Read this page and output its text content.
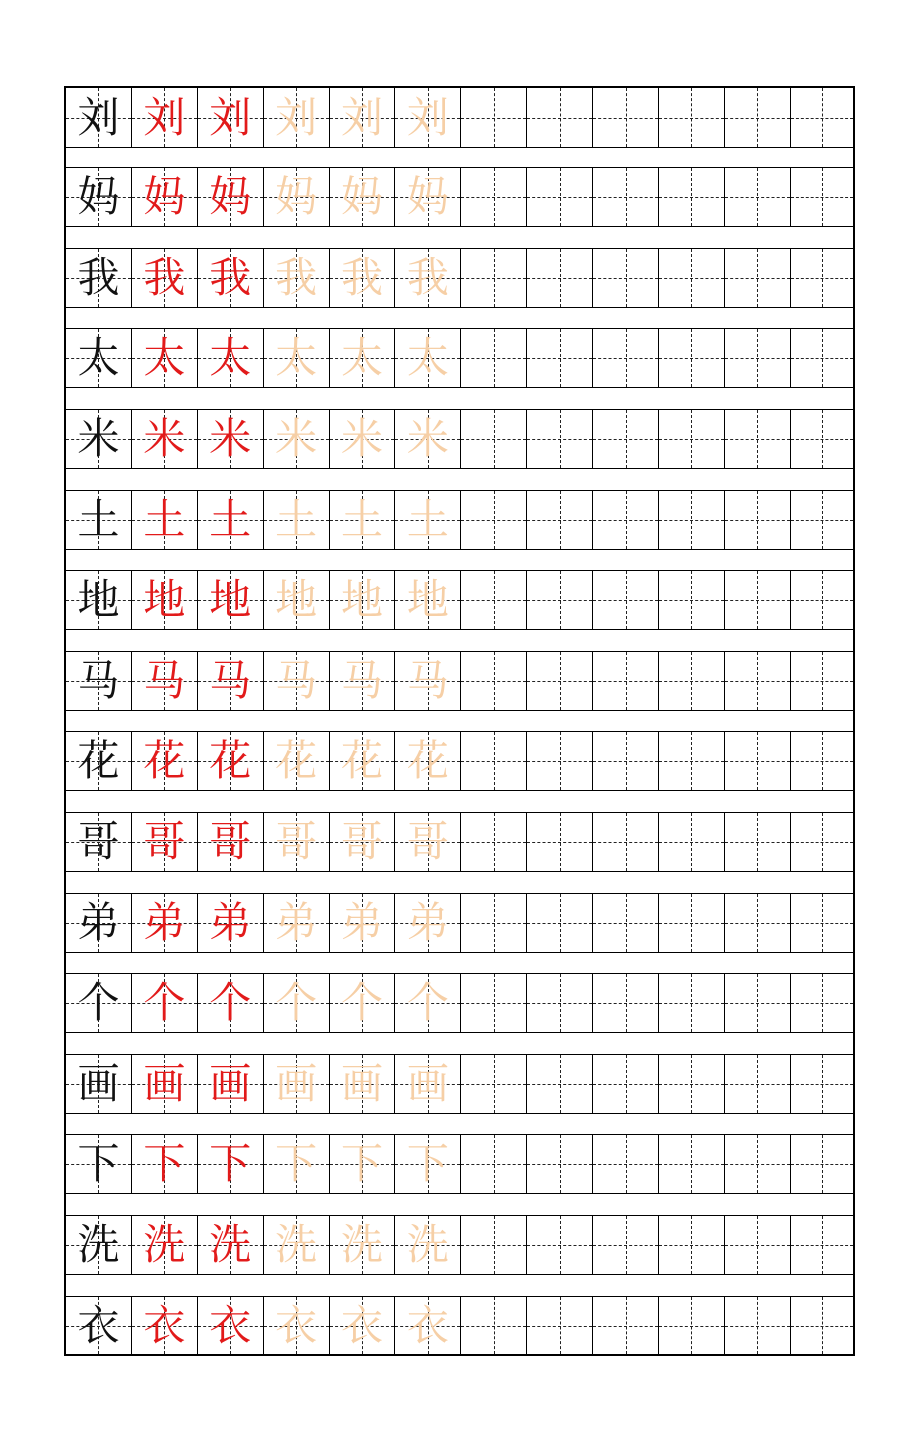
刘 刘 刘 刘 刘 刘
妈 妈 妈 妈 妈 妈
我 我 我 我 我 我
太 太 太 太 太 太
米 米 米 米 米 米
土 土 土 土 土 土
地 地 地 地 地 地
马 马 马 马 马 马
花 花 花 花 花 花
哥 哥 哥 哥 哥 哥
弟 弟 弟 弟 弟 弟
个 个 个 个 个 个
画 画 画 画 画 画
下 下 下 下 下 下
洗 洗 洗 洗 洗 洗
衣 衣 衣 衣 衣 衣
